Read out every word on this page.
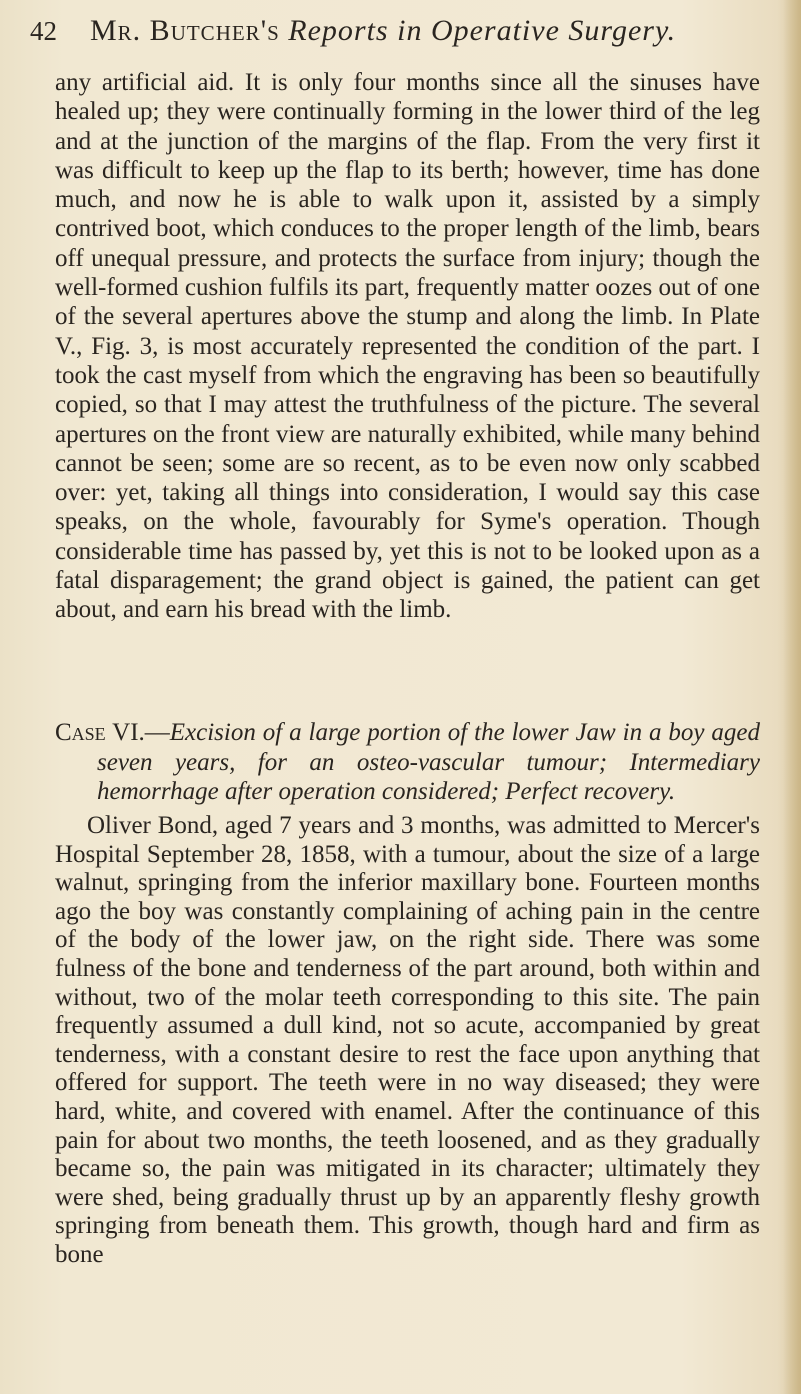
42 Mr. Butcher's Reports in Operative Surgery.

any artificial aid. It is only four months since all the sinuses have healed up; they were continually forming in the lower third of the leg and at the junction of the margins of the flap. From the very first it was difficult to keep up the flap to its berth; however, time has done much, and now he is able to walk upon it, assisted by a simply contrived boot, which conduces to the proper length of the limb, bears off unequal pressure, and protects the surface from injury; though the well-formed cushion fulfils its part, frequently matter oozes out of one of the several apertures above the stump and along the limb. In Plate V., Fig. 3, is most accurately represented the condition of the part. I took the cast myself from which the engraving has been so beautifully copied, so that I may attest the truthfulness of the picture. The several apertures on the front view are naturally exhibited, while many behind cannot be seen; some are so recent, as to be even now only scabbed over: yet, taking all things into consideration, I would say this case speaks, on the whole, favourably for Syme's operation. Though considerable time has passed by, yet this is not to be looked upon as a fatal disparagement; the grand object is gained, the patient can get about, and earn his bread with the limb.

Case VI.—Excision of a large portion of the lower Jaw in a boy aged seven years, for an osteo-vascular tumour; Intermediary hemorrhage after operation considered; Perfect recovery.

Oliver Bond, aged 7 years and 3 months, was admitted to Mercer's Hospital September 28, 1858, with a tumour, about the size of a large walnut, springing from the inferior maxillary bone. Fourteen months ago the boy was constantly complaining of aching pain in the centre of the body of the lower jaw, on the right side. There was some fulness of the bone and tenderness of the part around, both within and without, two of the molar teeth corresponding to this site. The pain frequently assumed a dull kind, not so acute, accompanied by great tenderness, with a constant desire to rest the face upon anything that offered for support. The teeth were in no way diseased; they were hard, white, and covered with enamel. After the continuance of this pain for about two months, the teeth loosened, and as they gradually became so, the pain was mitigated in its character; ultimately they were shed, being gradually thrust up by an apparently fleshy growth springing from beneath them. This growth, though hard and firm as bone
